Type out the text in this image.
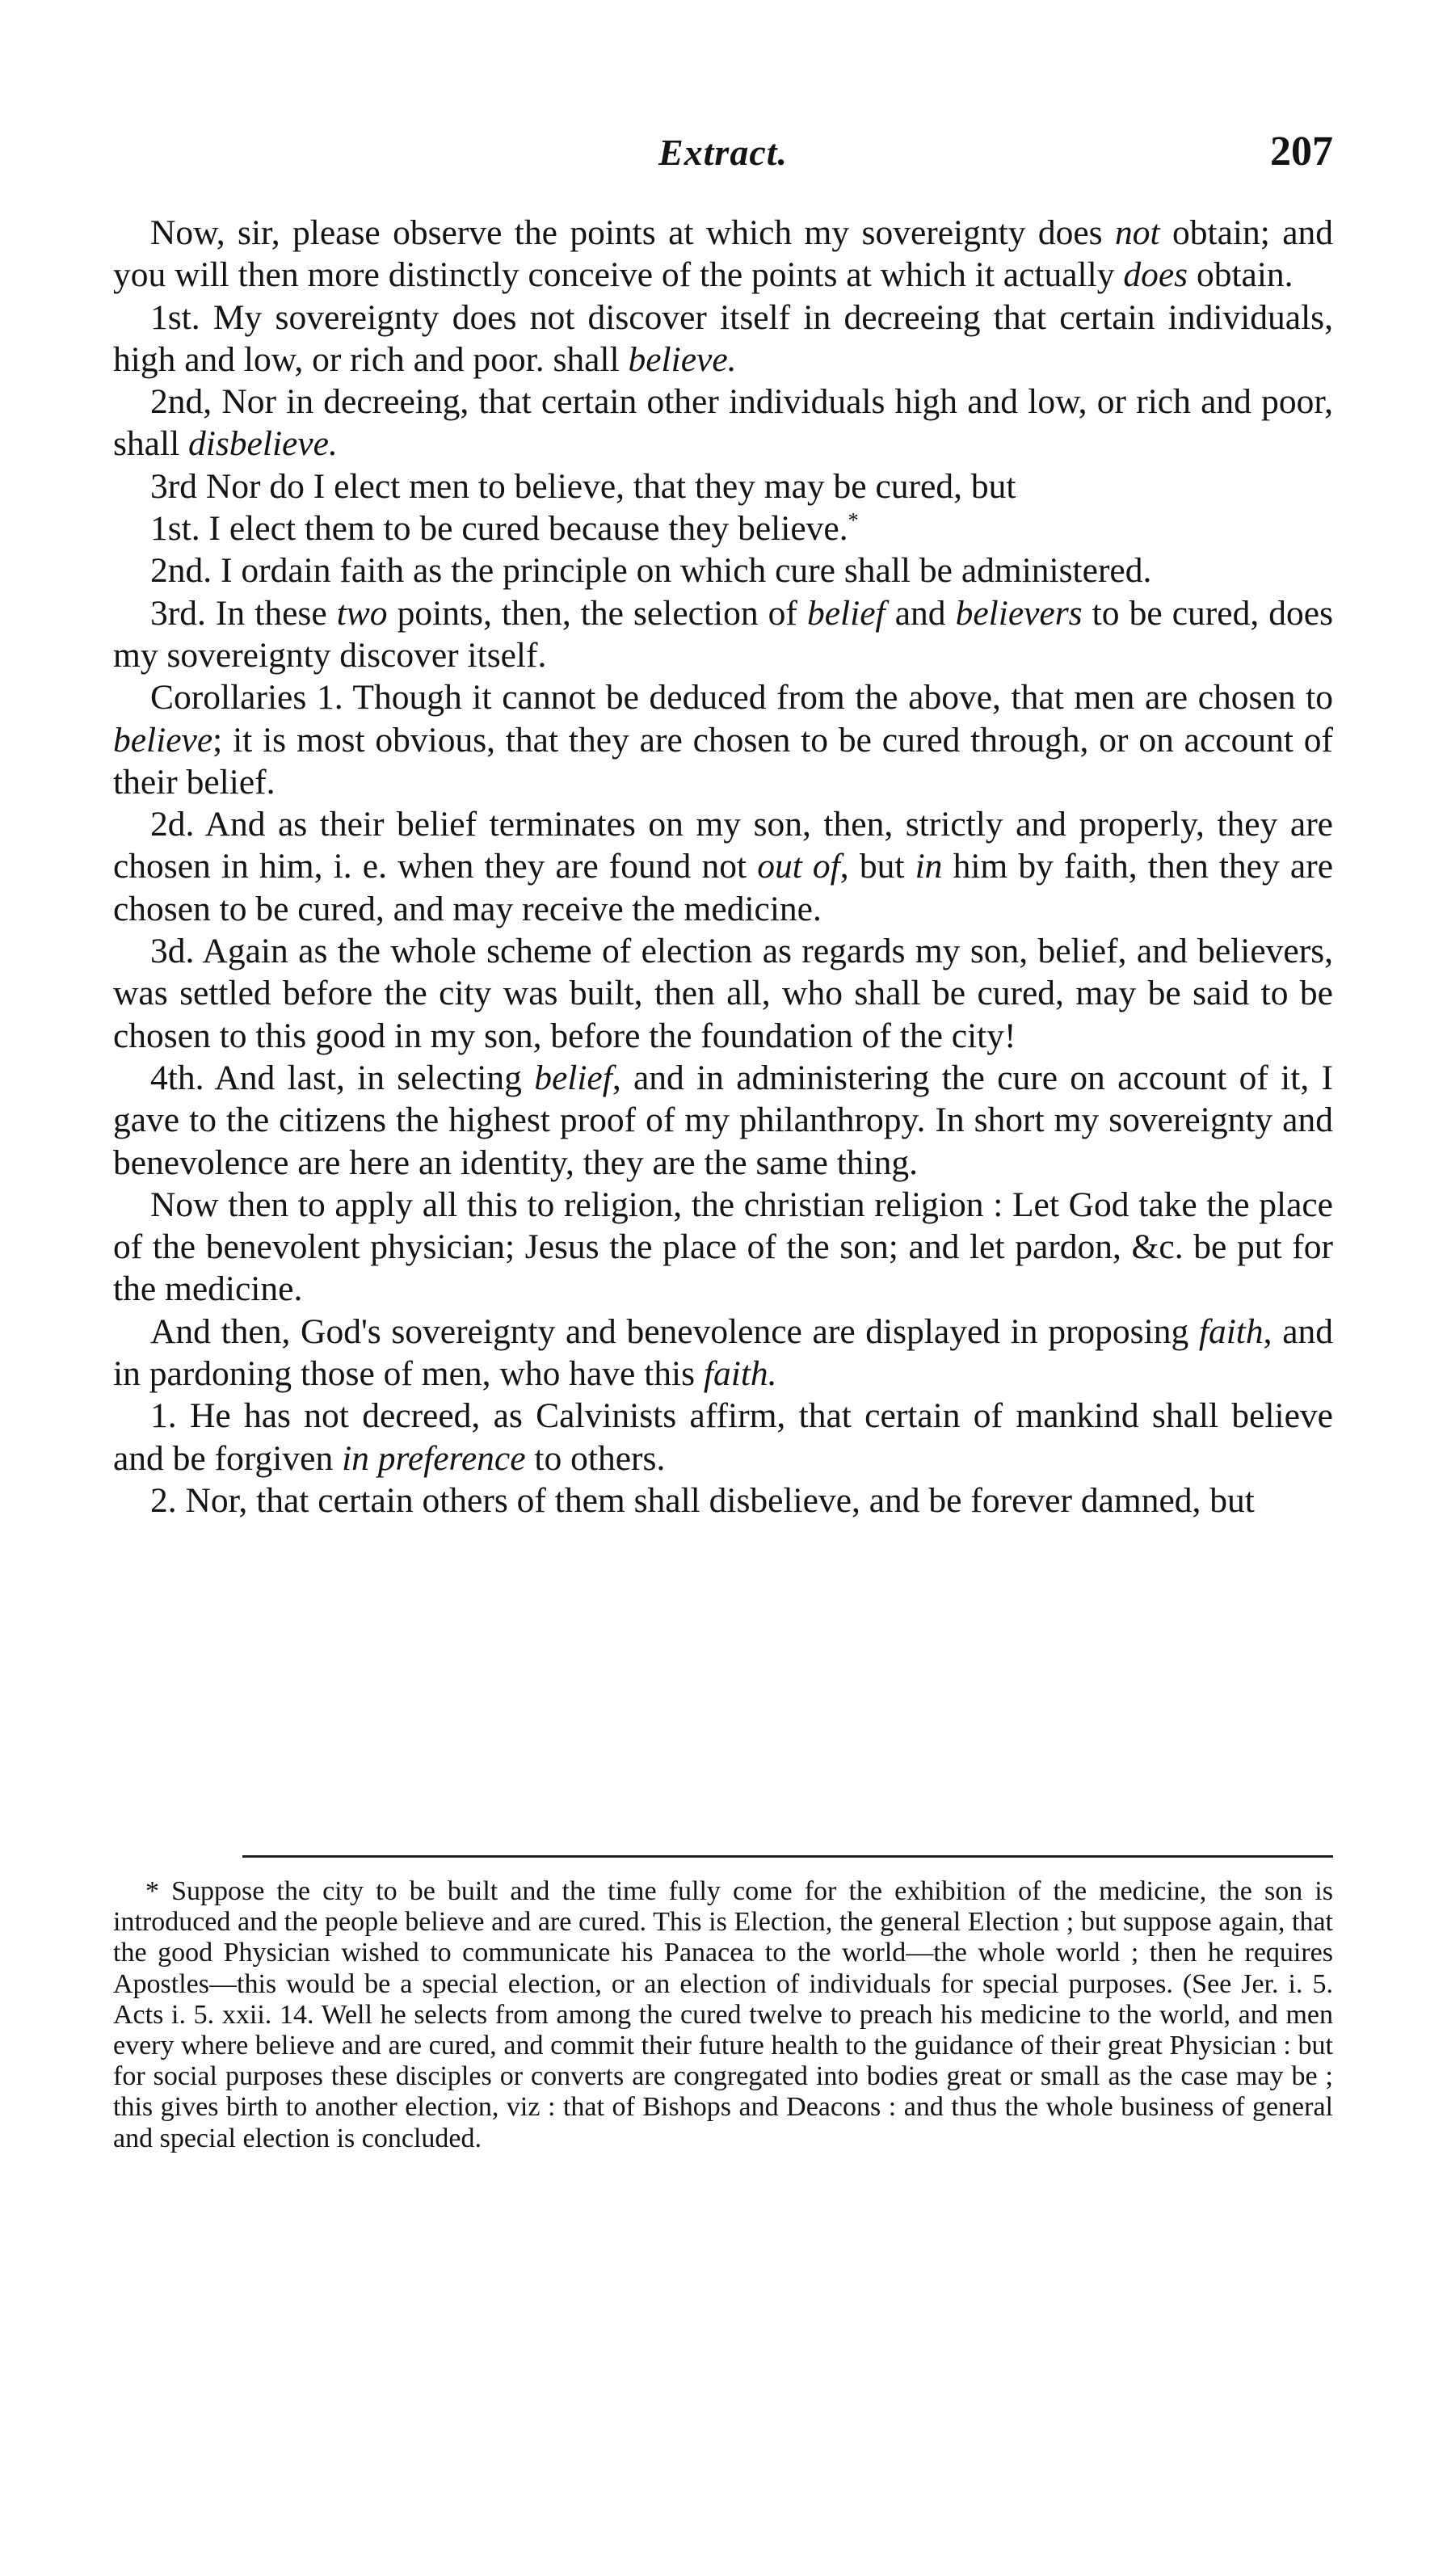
Extract.	207

Now, sir, please observe the points at which my sovereignty does not obtain; and you will then more distinctly conceive of the points at which it actually does obtain.

1st. My sovereignty does not discover itself in decreeing that certain individuals, high and low, or rich and poor. shall believe.

2nd, Nor in decreeing, that certain other individuals high and low, or rich and poor, shall disbelieve.

3rd Nor do I elect men to believe, that they may be cured, but

1st. I elect them to be cured because they believe.*

2nd. I ordain faith as the principle on which cure shall be administered.

3rd. In these two points, then, the selection of belief and believers to be cured, does my sovereignty discover itself.

Corollaries 1. Though it cannot be deduced from the above, that men are chosen to believe; it is most obvious, that they are chosen to be cured through, or on account of their belief.

2d. And as their belief terminates on my son, then, strictly and properly, they are chosen in him, i. e. when they are found not out of, but in him by faith, then they are chosen to be cured, and may receive the medicine.

3d. Again as the whole scheme of election as regards my son, belief, and believers, was settled before the city was built, then all, who shall be cured, may be said to be chosen to this good in my son, before the foundation of the city!

4th. And last, in selecting belief, and in administering the cure on account of it, I gave to the citizens the highest proof of my philanthropy. In short my sovereignty and benevolence are here an identity, they are the same thing.

Now then to apply all this to religion, the christian religion : Let God take the place of the benevolent physician; Jesus the place of the son; and let pardon, &c. be put for the medicine.

And then, God's sovereignty and benevolence are displayed in proposing faith, and in pardoning those of men, who have this faith.

1. He has not decreed, as Calvinists affirm, that certain of mankind shall believe and be forgiven in preference to others.

2. Nor, that certain others of them shall disbelieve, and be forever damned, but

* Suppose the city to be built and the time fully come for the exhibition of the medicine, the son is introduced and the people believe and are cured. This is Election, the general Election ; but suppose again, that the good Physician wished to communicate his Panacea to the world—the whole world ; then he requires Apostles—this would be a special election, or an election of individuals for special purposes. (See Jer. i. 5. Acts i. 5. xxii. 14. Well he selects from among the cured twelve to preach his medicine to the world, and men every where believe and are cured, and commit their future health to the guidance of their great Physician : but for social purposes these disciples or converts are congregated into bodies great or small as the case may be ; this gives birth to another election, viz : that of Bishops and Deacons : and thus the whole business of general and special election is concluded.
